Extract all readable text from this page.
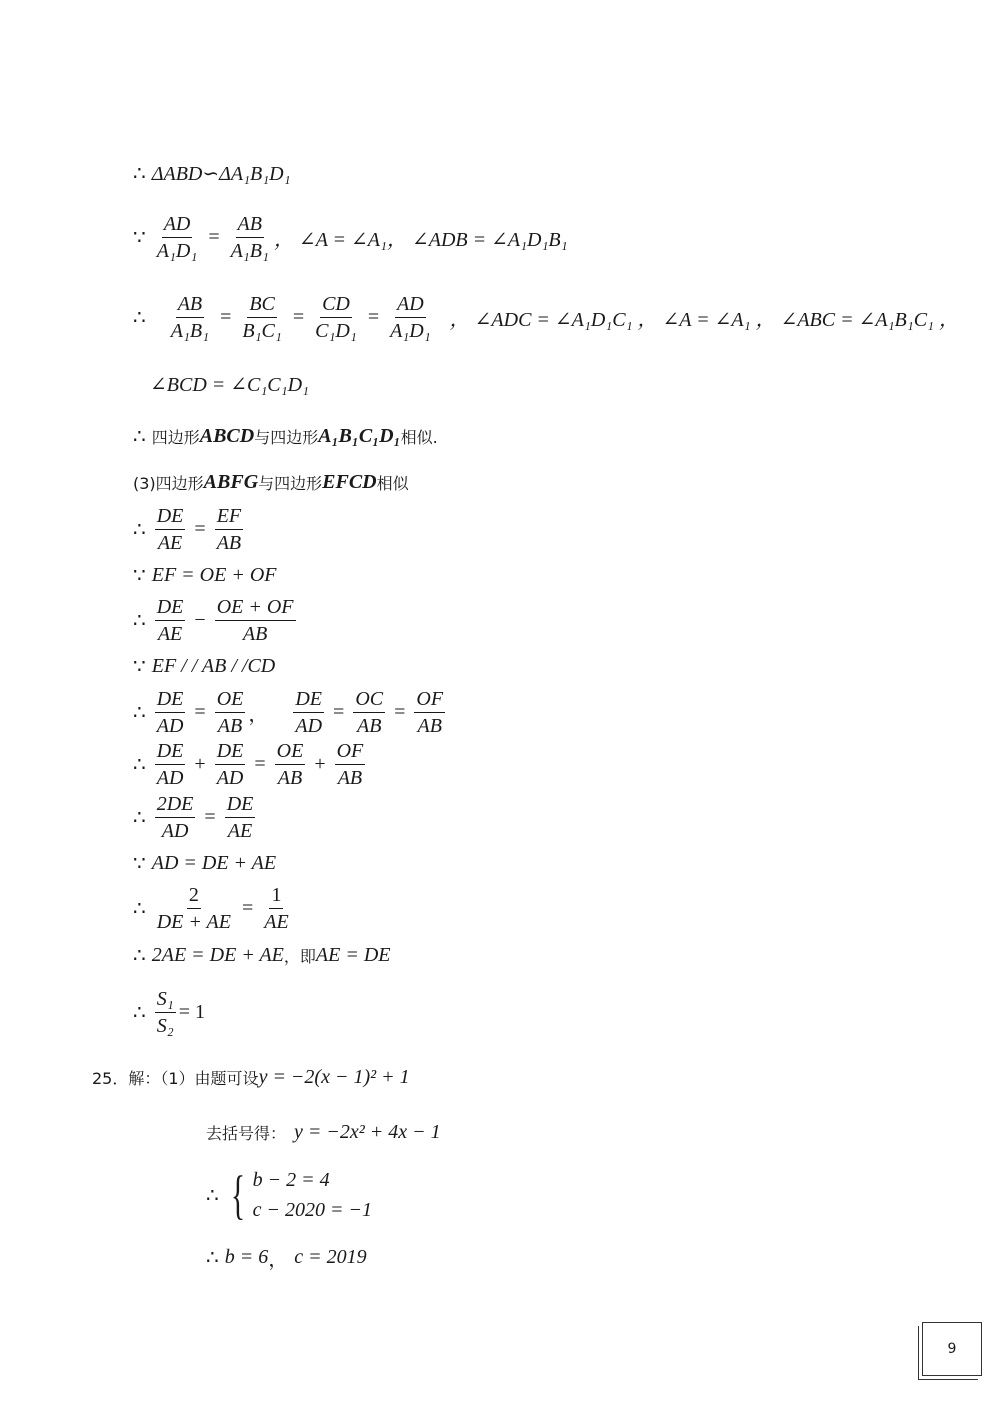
∴ ΔABD∽ΔA₁B₁D₁
∵ $\frac{AD}{\text{A₁D₁}} = \frac{AB}{\text{A₁B₁}}$ ， ∠A = ∠A₁， ∠ADB = ∠A₁D₁B₁
∴ $\frac{AB}{\text{A₁B₁}} = \frac{BC}{\text{B₁C₁}} = \frac{CD}{\text{C₁D₁}} = \frac{AD}{\text{A₁D₁}}$ ， ∠ADC = ∠A₁D₁C₁ ， ∠A = ∠A₁ ， ∠ABC = ∠A₁B₁C₁ ，
∠BCD = ∠C₁C₁D₁
∴ 四边形 ABCD 与四边形 A₁B₁C₁D₁ 相似.
(3)四边形 ABFG 与四边形 EFCD 相似
∴ $\frac{DE}{AE} = \frac{EF}{AB}$
∵ EF = OE + OF
∴ $\frac{DE}{AE} - \frac{OE + OF}{AB}$
∵ EF / / AB / /CD
∴ $\frac{DE}{AD} = \frac{OE}{AB}$ ， $\frac{DE}{AD} = \frac{OC}{AB} = \frac{OF}{AB}$
∴ $\frac{DE}{AD} + \frac{DE}{AD} = \frac{OE}{AB} + \frac{OF}{AB}$
∴ $\frac{2DE}{AD} = \frac{DE}{AE}$
∵ AD = DE + AE
∴ $\frac{2}{DE + AE} = \frac{1}{AE}$
∴ 2AE = DE + AE ，即 AE = DE
∴ $\frac{\text{S₁}}{\text{S₂}} = 1$
25． 解：（1）由题可设 y = −2(x − 1)² + 1
去括号得： y = −2x² + 4x − 1
∴ { b − 2 = 4
c − 2020 = −1
∴ b = 6 ， c = 2019
9
